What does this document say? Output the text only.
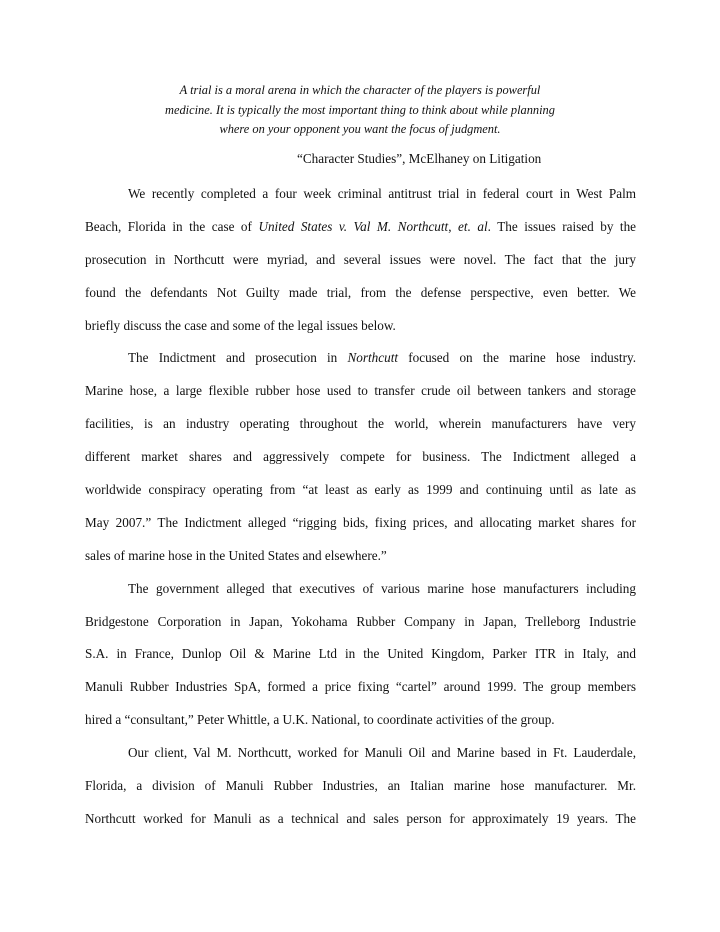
A trial is a moral arena in which the character of the players is powerful
medicine. It is typically the most important thing to think about while planning
where on your opponent you want the focus of judgment.
“Character Studies”, McElhaney on Litigation
We recently completed a four week criminal antitrust trial in federal court in West Palm
Beach, Florida in the case of United States v. Val M. Northcutt, et. al. The issues raised by the
prosecution in Northcutt were myriad, and several issues were novel. The fact that the jury
found the defendants Not Guilty made trial, from the defense perspective, even better. We
briefly discuss the case and some of the legal issues below.
The Indictment and prosecution in Northcutt focused on the marine hose industry.
Marine hose, a large flexible rubber hose used to transfer crude oil between tankers and storage
facilities, is an industry operating throughout the world, wherein manufacturers have very
different market shares and aggressively compete for business. The Indictment alleged a
worldwide conspiracy operating from “at least as early as 1999 and continuing until as late as
May 2007.” The Indictment alleged “rigging bids, fixing prices, and allocating market shares for
sales of marine hose in the United States and elsewhere.”
The government alleged that executives of various marine hose manufacturers including
Bridgestone Corporation in Japan, Yokohama Rubber Company in Japan, Trelleborg Industrie
S.A. in France, Dunlop Oil & Marine Ltd in the United Kingdom, Parker ITR in Italy, and
Manuli Rubber Industries SpA, formed a price fixing “cartel” around 1999. The group members
hired a “consultant,” Peter Whittle, a U.K. National, to coordinate activities of the group.
Our client, Val M. Northcutt, worked for Manuli Oil and Marine based in Ft. Lauderdale,
Florida, a division of Manuli Rubber Industries, an Italian marine hose manufacturer. Mr.
Northcutt worked for Manuli as a technical and sales person for approximately 19 years. The
